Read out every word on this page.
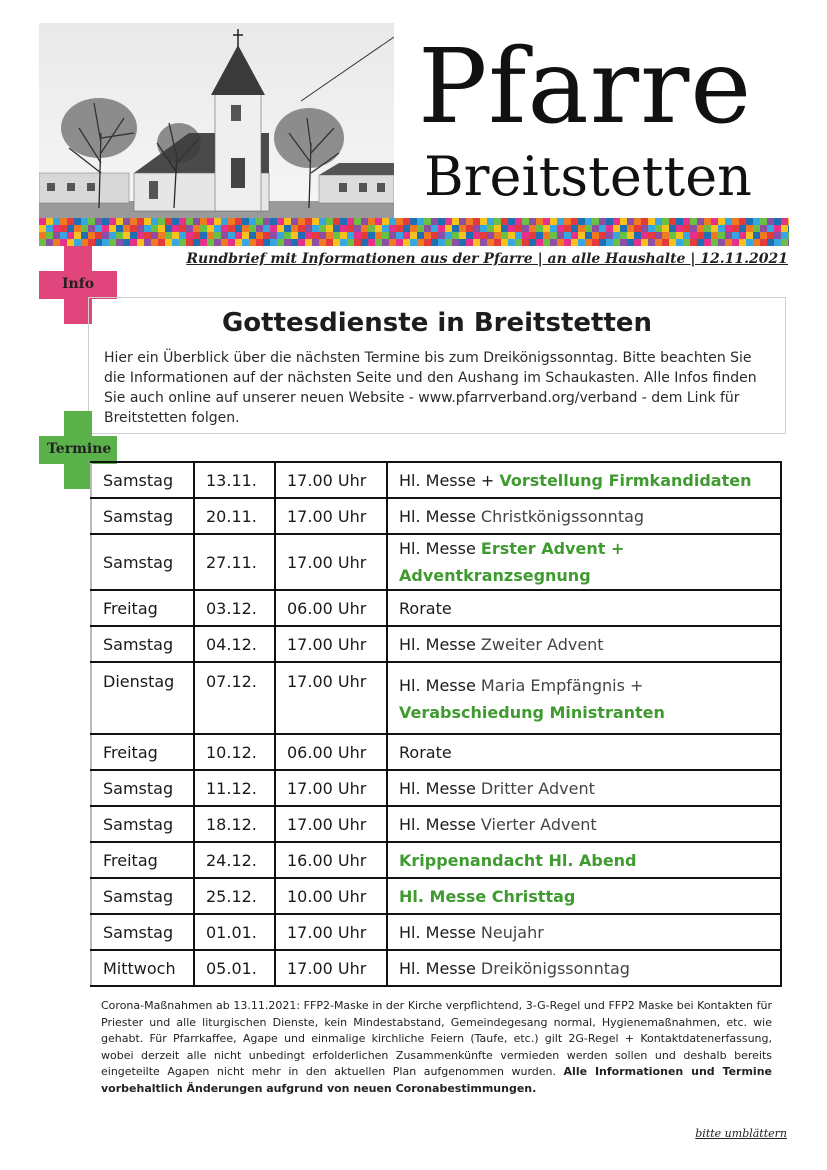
Pfarre
Breitstetten
Rundbrief mit Informationen aus der Pfarre | an alle Haushalte | 12.11.2021
Info
Gottesdienste in Breitstetten

Hier ein Überblick über die nächsten Termine bis zum Dreikönigssonntag. Bitte beachten Sie die Informationen auf der nächsten Seite und den Aushang im Schaukasten. Alle Infos finden Sie auch online auf unserer neuen Website - www.pfarrverband.org/verband - dem Link für Breitstetten folgen.

Termine
Samstag	13.11.	17.00 Uhr	Hl. Messe + Vorstellung Firmkandidaten
Samstag	20.11.	17.00 Uhr	Hl. Messe Christkönigssonntag
Samstag	27.11.	17.00 Uhr	Hl. Messe Erster Advent + Adventkranzsegnung
Freitag	03.12.	06.00 Uhr	Rorate
Samstag	04.12.	17.00 Uhr	Hl. Messe Zweiter Advent
Dienstag	07.12.	17.00 Uhr	Hl. Messe Maria Empfängnis +
Verabschiedung Ministranten
Freitag	10.12.	06.00 Uhr	Rorate
Samstag	11.12.	17.00 Uhr	Hl. Messe Dritter Advent
Samstag	18.12.	17.00 Uhr	Hl. Messe Vierter Advent
Freitag	24.12.	16.00 Uhr	Krippenandacht Hl. Abend
Samstag	25.12.	10.00 Uhr	Hl. Messe Christtag
Samstag	01.01.	17.00 Uhr	Hl. Messe Neujahr
Mittwoch	05.01.	17.00 Uhr	Hl. Messe Dreikönigssonntag
Corona-Maßnahmen ab 13.11.2021: FFP2-Maske in der Kirche verpflichtend, 3-G-Regel und FFP2 Maske bei Kontakten für Priester und alle liturgischen Dienste, kein Mindestabstand, Gemeindegesang normal, Hygienemaßnahmen, etc. wie gehabt. Für Pfarrkaffee, Agape und einmalige kirchliche Feiern (Taufe, etc.) gilt 2G-Regel + Kontaktdatenerfassung, wobei derzeit alle nicht unbedingt erfolderlichen Zusammenkünfte vermieden werden sollen und deshalb bereits eingeteilte Agapen nicht mehr in den aktuellen Plan aufgenommen wurden. Alle Informationen und Termine vorbehaltlich Änderungen aufgrund von neuen Coronabestimmungen.
bitte umblättern
